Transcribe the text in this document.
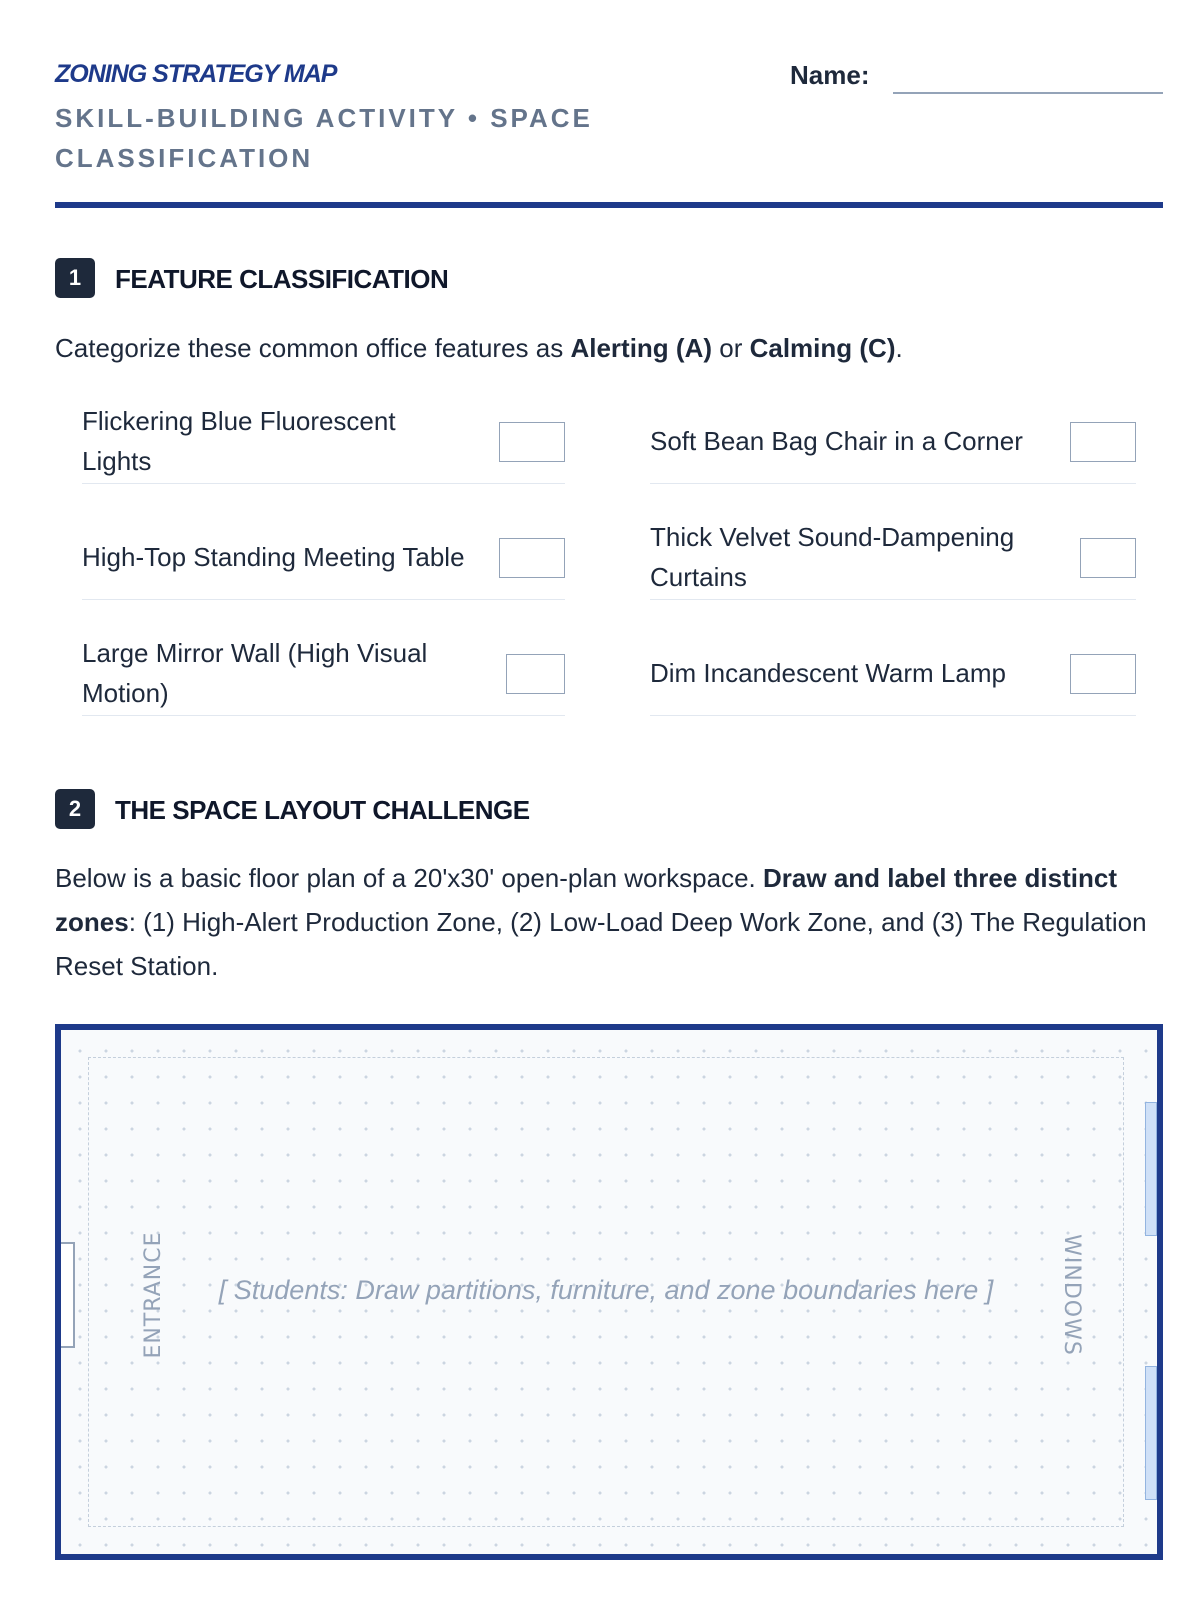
ZONING STRATEGY MAP
SKILL-BUILDING ACTIVITY • SPACE CLASSIFICATION
Name:
1	FEATURE CLASSIFICATION
Categorize these common office features as Alerting (A) or Calming (C).
Flickering Blue Fluorescent Lights
Soft Bean Bag Chair in a Corner
High-Top Standing Meeting Table
Thick Velvet Sound-Dampening Curtains
Large Mirror Wall (High Visual Motion)
Dim Incandescent Warm Lamp
2	THE SPACE LAYOUT CHALLENGE
Below is a basic floor plan of a 20'x30' open-plan workspace. Draw and label three distinct zones: (1) High-Alert Production Zone, (2) Low-Load Deep Work Zone, and (3) The Regulation Reset Station.
ENTRANCE	WINDOWS
[ Students: Draw partitions, furniture, and zone boundaries here ]
